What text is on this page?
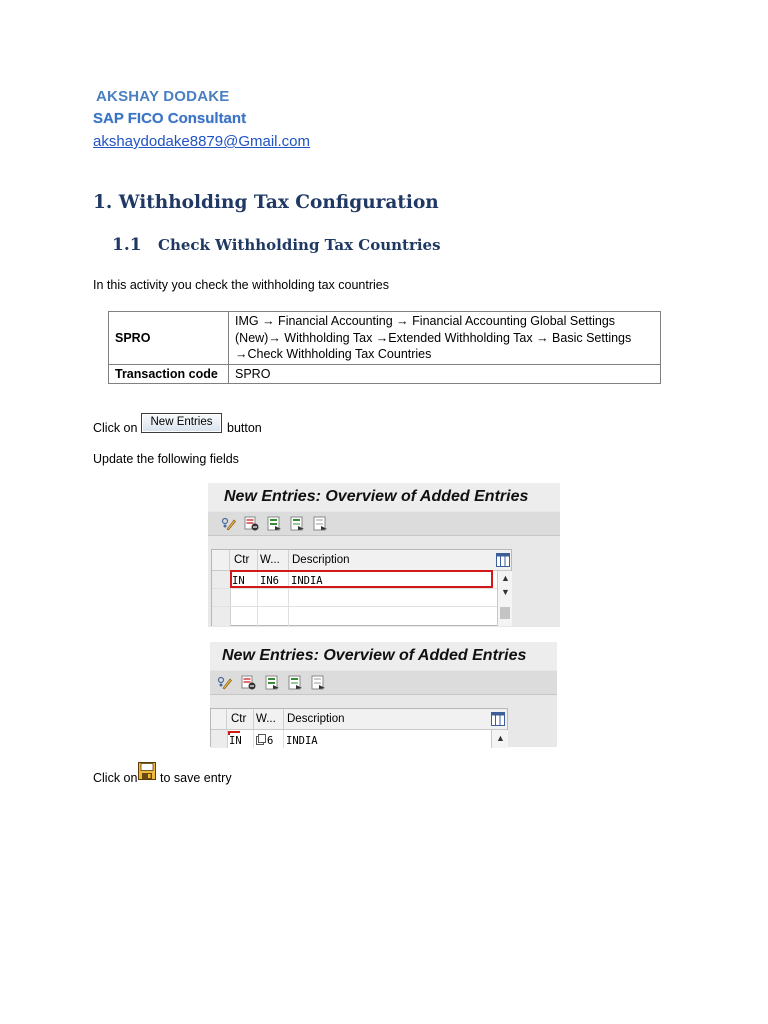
AKSHAY DODAKE
SAP FICO Consultant
akshaydodake8879@Gmail.com
1. Withholding Tax Configuration
1.1 Check Withholding Tax Countries
In this activity you check the withholding tax countries
SPRO	IMG → Financial Accounting → Financial Accounting Global Settings
(New)→ Withholding Tax →Extended Withholding Tax → Basic Settings
→Check Withholding Tax Countries

Transaction code	SPRO
Click on	New Entries	button
Update the following fields
New Entries: Overview of Added Entries
Ctr W... Description
IN IN6 INDIA	▲
▼
New Entries: Overview of Added Entries
Ctr W... Description
IN 6 INDIA	▲
Click on to save entry
